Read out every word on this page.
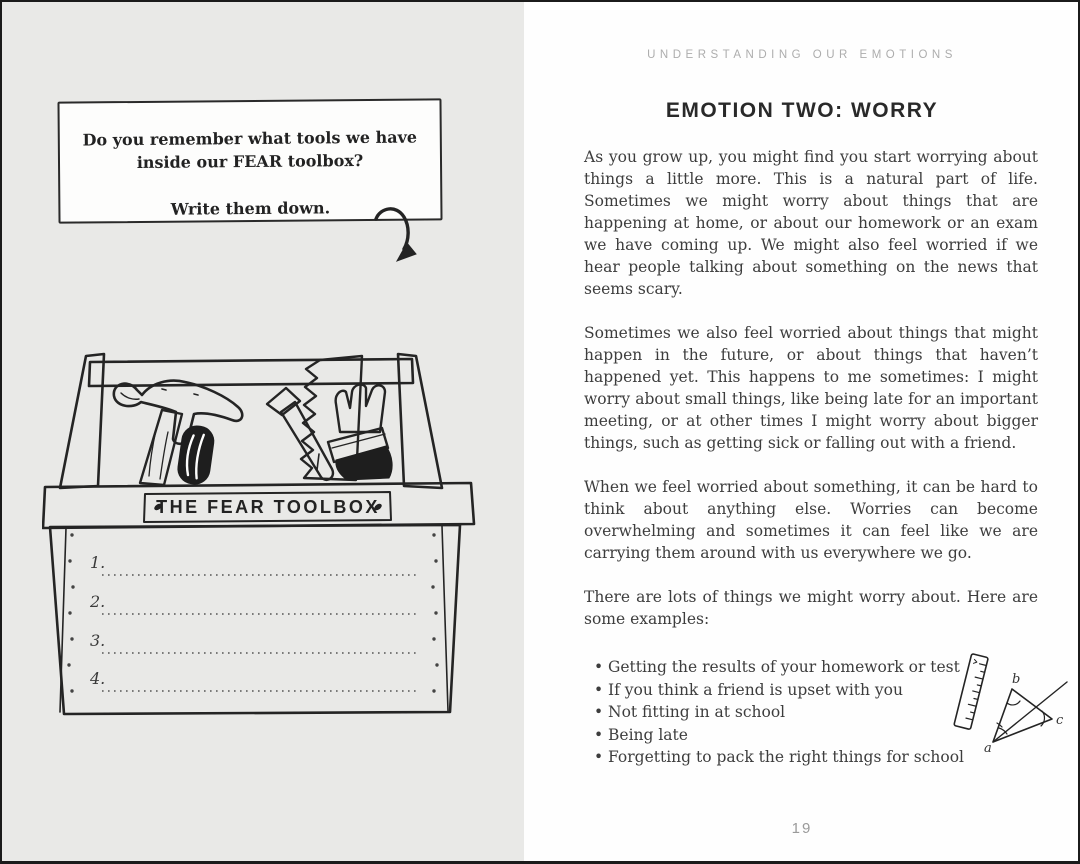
Do you remember what tools we have
inside our FEAR toolbox?
Write them down.
THE FEAR TOOLBOX
1.
2.
3.
4.
UNDERSTANDING OUR EMOTIONS
EMOTION TWO: WORRY

As you grow up, you might find you start worrying about things a little more. This is a natural part of life. Sometimes we might worry about things that are happening at home, or about our homework or an exam we have coming up. We might also feel worried if we hear people talking about something on the news that seems scary.

Sometimes we also feel worried about things that might happen in the future, or about things that haven’t happened yet. This happens to me sometimes: I might worry about small things, like being late for an important meeting, or at other times I might worry about bigger things, such as getting sick or falling out with a friend.

When we feel worried about something, it can be hard to think about anything else. Worries can become overwhelming and sometimes it can feel like we are carrying them around with us everywhere we go.

There are lots of things we might worry about. Here are some examples:

• Getting the results of your homework or test
• If you think a friend is upset with you
• Not fitting in at school
• Being late
• Forgetting to pack the right things for school
b
c
a
19
